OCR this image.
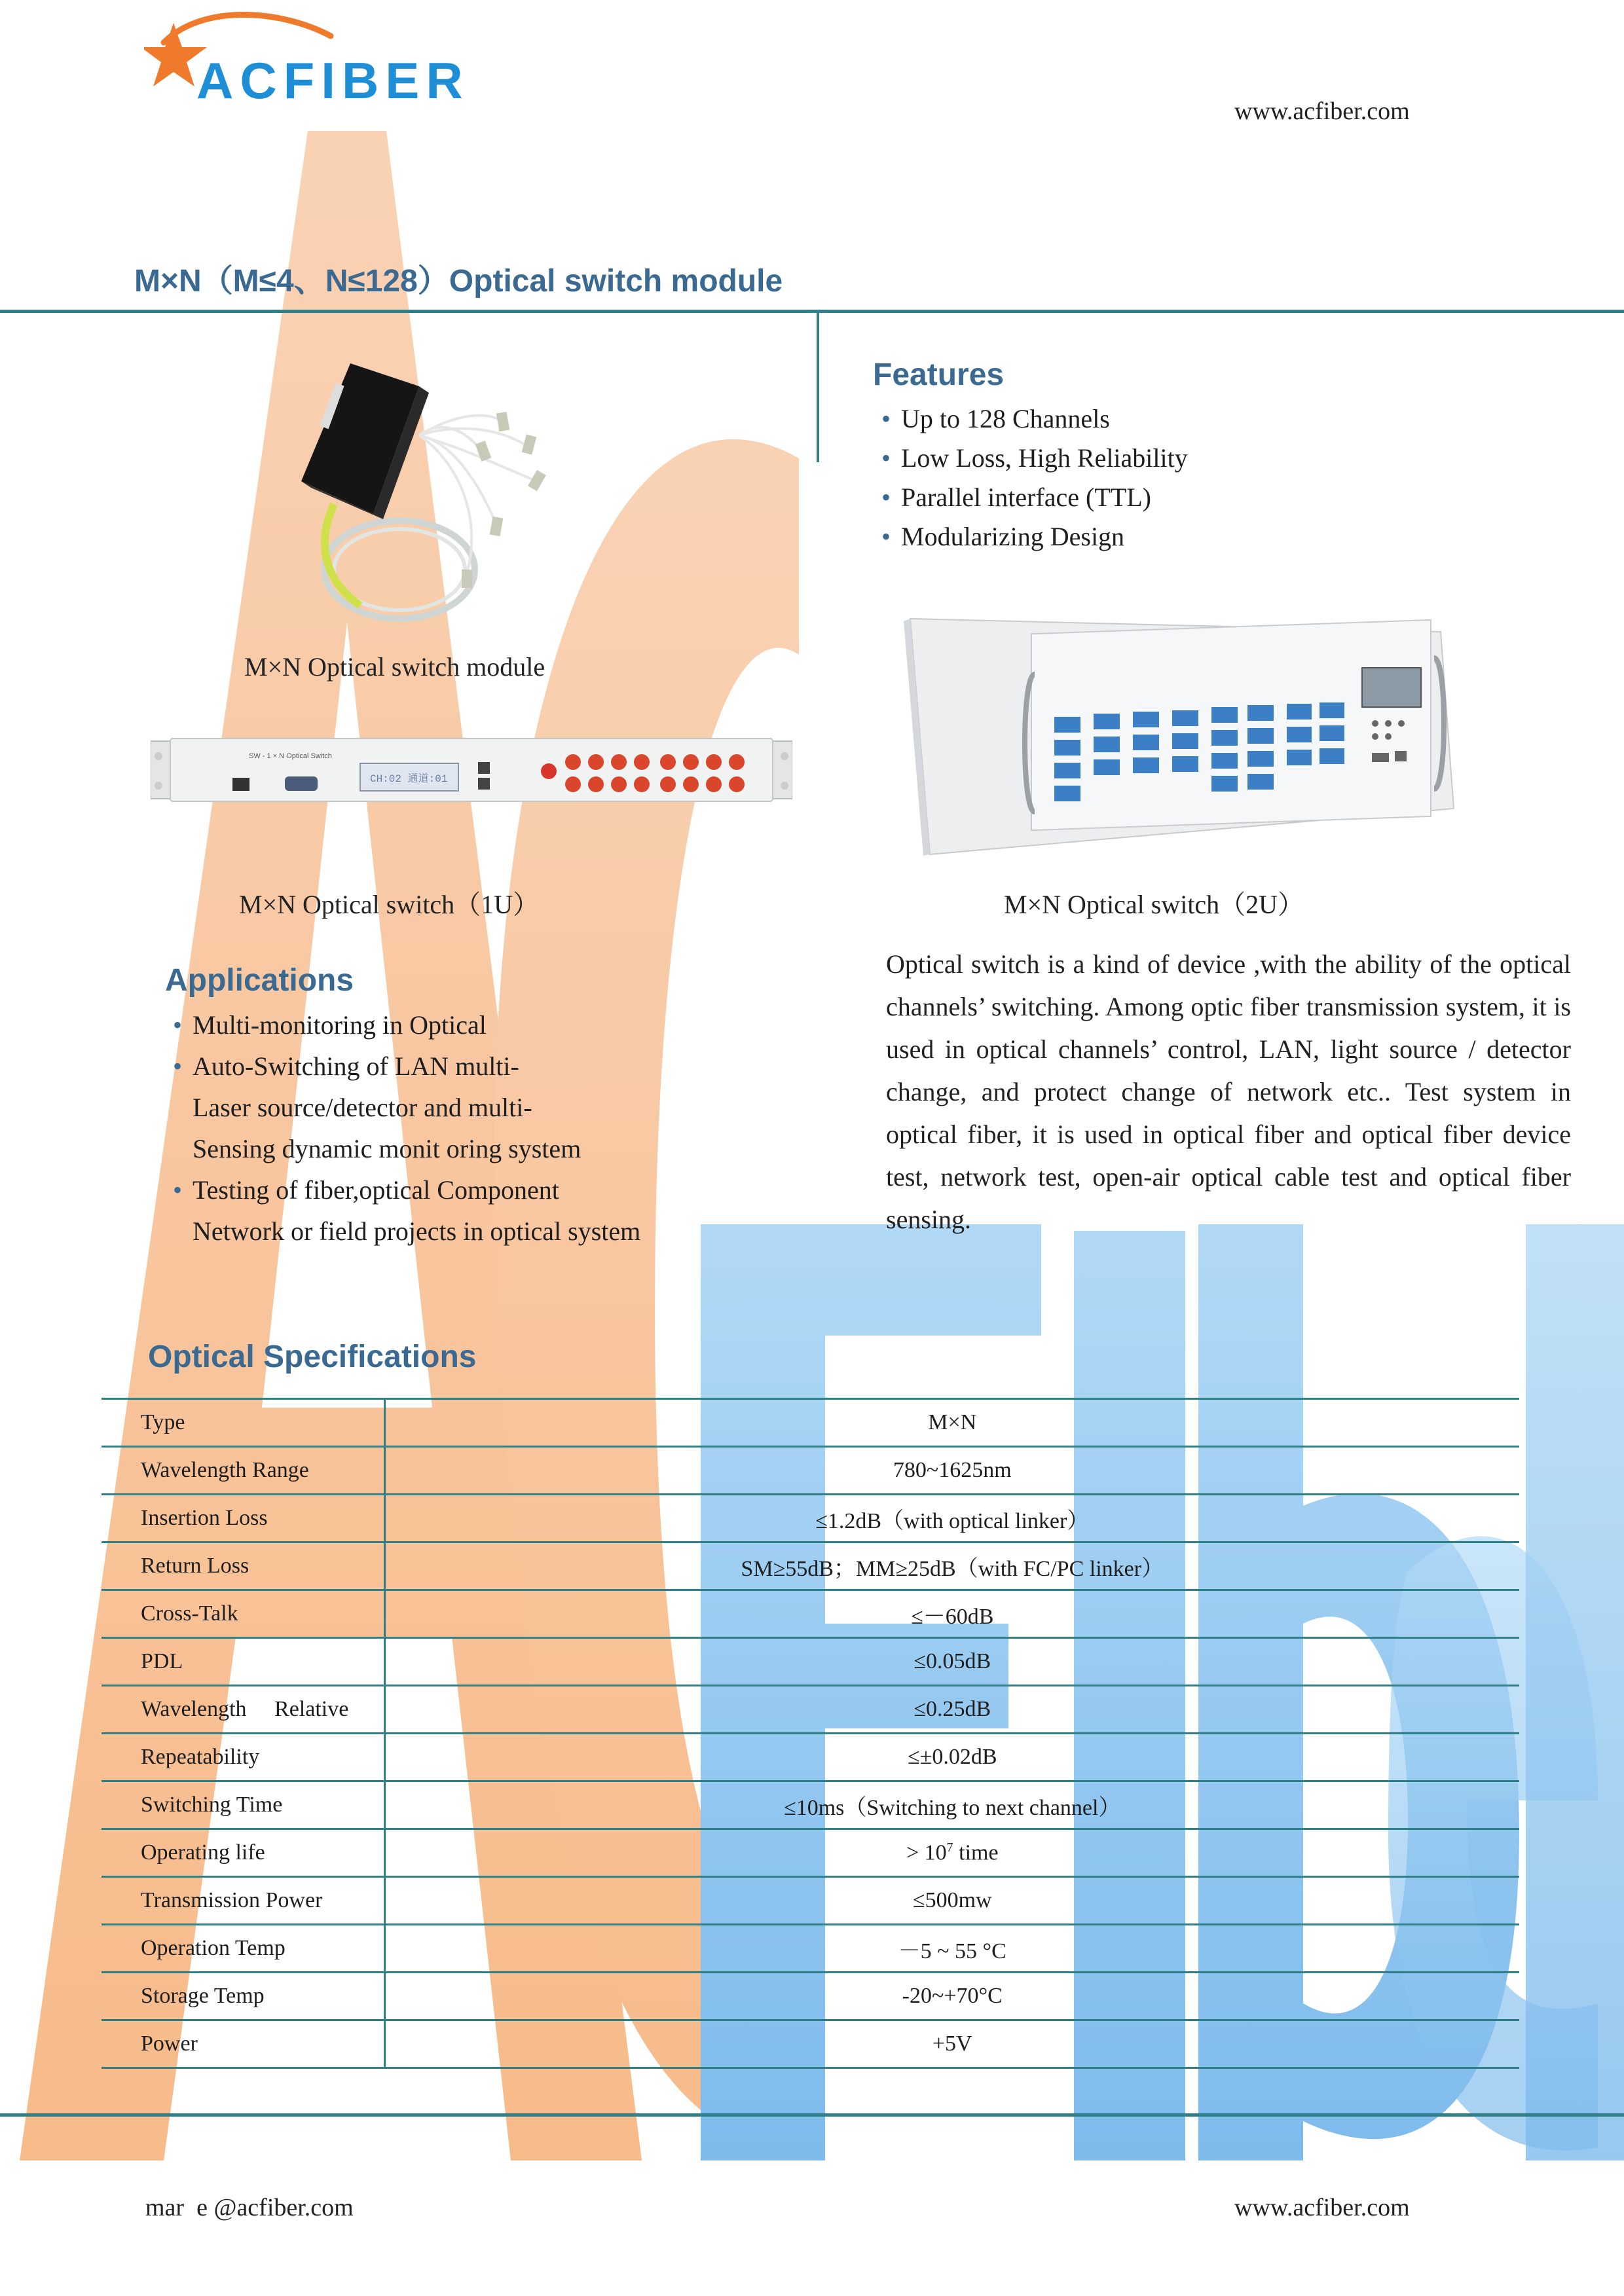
ACFIBER
www.acfiber.com
M×N（M≤4、N≤128）Optical switch module
Features
• Up to 128 Channels
• Low Loss, High Reliability
• Parallel interface (TTL)
• Modularizing Design
M×N Optical switch module
SW - 1 × N Optical Switch
CH:02 通道:01
M×N Optical switch（1U）	M×N Optical switch（2U）
Applications
• Multi-monitoring in Optical
• Auto-Switching of LAN multi-
Laser source/detector and multi-
Sensing dynamic monit oring system
• Testing of fiber,optical Component
Network or field projects in optical system
Optical switch is a kind of device ,with the ability of the optical channels’ switching. Among optic fiber transmission system, it is used in optical channels’ control, LAN, light source / detector change, and protect change of network etc.. Test system in optical fiber, it is used in optical fiber and optical fiber device test, network test, open-air optical cable test and optical fiber sensing.
Optical Specifications
Type	M×N
Wavelength Range	780~1625nm
Insertion Loss	≤1.2dB（with optical linker）
Return Loss	SM≥55dB；MM≥25dB（with FC/PC linker）
Cross-Talk	≤－60dB
PDL	≤0.05dB
Wavelength     Relative	≤0.25dB
Repeatability	≤±0.02dB
Switching Time	≤10ms（Switching to next channel）
Operating life	> $10^7$ time
Transmission Power	≤500mw
Operation Temp	－5 ~ 55 °C
Storage Temp	-20~+70°C
Power	+5V
mar  e @acfiber.com	www.acfiber.com
